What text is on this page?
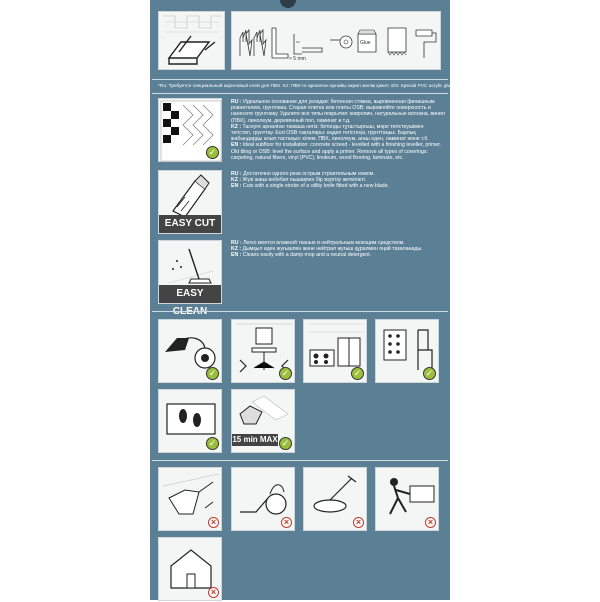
> 5 mm
Glue
*Ru: Требуется специальный акриловый клей для ПВХ. Kz: ПВХ-ге арналған арнайы акрил желім қажет. EN: Special PVC acrylic glue only
✓
RU : Идеальное основание для укладки: бетонная стяжка, выровненная финишным ровнителем, грунтовка. Старая плитка или плиты OSB: выровняйте поверхность и нанесите грунтовку. Удалите все типы покрытия: ковролин, натуральные волокна, винил (ПВХ), линолеум, деревянный пол, ламинат и т.д.
KZ : Тасеуге арналған тамаша негіз: бетонды тұтастырғыш, мәре тегістеушімен тегістеп, грунттау. Ескі OSB тақталары: өңдеп тегістеңіз, грунттаңыз. Барлық жабындарды алып тастаңыз: кілем, ПВХ, линолеум, ағаш еден, ламинат және т.б.
EN : Ideal subfloor for installation: concrete screed - levelled with a finishing leveller, primer. Old tiling or OSB: level the surface and apply a primer. Remove all types of coverings: carpeting, natural fibers, vinyl (PVC), linoleum, wood flooring, laminate, etc.
EASY CUT
RU : Достаточно одного реза острым строительным ножом.
KZ : Жүзі жаңа өнбебап пышақпен бір жүргізу жеткілікті.
EN : Cuts with a single stroke of a utility knife fitted with a new blade.
EASY
RU : Легко моется влажной тканью и нейтральным моющим средством.
KZ : Дымқыл еден жуғышпен және нейтрал жуғыш құралмен оңай тазаланады.
EN : Cleans easily with a damp mop and a neutral detergent.
✓	✓	✓	✓
✓	15 min MAX ✓
×	×	×	×
×
